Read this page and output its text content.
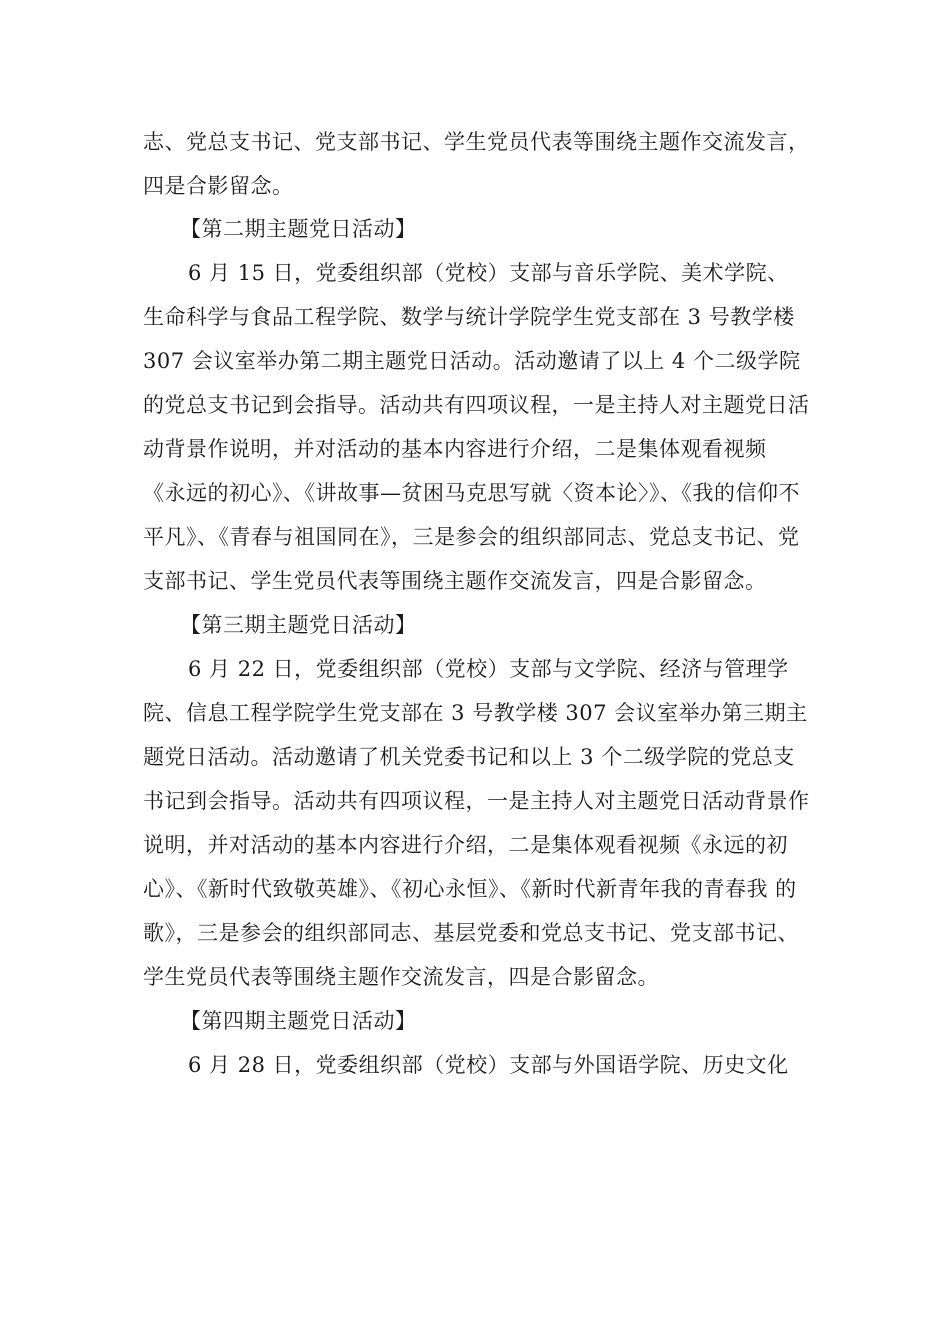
志、党总支书记、党支部书记、学生党员代表等围绕主题作交流发言，
四是合影留念。
【第二期主题党日活动】
6 月 15 日，党委组织部（党校）支部与音乐学院、美术学院、
生命科学与食品工程学院、数学与统计学院学生党支部在 3 号教学楼
307 会议室举办第二期主题党日活动。活动邀请了以上 4 个二级学院
的党总支书记到会指导。活动共有四项议程，一是主持人对主题党日活
动背景作说明，并对活动的基本内容进行介绍，二是集体观看视频
《永远的初心》、《讲故事—贫困马克思写就〈资本论〉》、《我的信仰不
平凡》、《青春与祖国同在》，三是参会的组织部同志、党总支书记、党
支部书记、学生党员代表等围绕主题作交流发言，四是合影留念。
【第三期主题党日活动】
6 月 22 日，党委组织部（党校）支部与文学院、经济与管理学
院、信息工程学院学生党支部在 3 号教学楼 307 会议室举办第三期主
题党日活动。活动邀请了机关党委书记和以上 3 个二级学院的党总支
书记到会指导。活动共有四项议程，一是主持人对主题党日活动背景作
说明，并对活动的基本内容进行介绍，二是集体观看视频《永远的初
心》、《新时代致敬英雄》、《初心永恒》、《新时代新青年我的青春我 的
歌》，三是参会的组织部同志、基层党委和党总支书记、党支部书记、
学生党员代表等围绕主题作交流发言，四是合影留念。
【第四期主题党日活动】
6 月 28 日，党委组织部（党校）支部与外国语学院、历史文化
